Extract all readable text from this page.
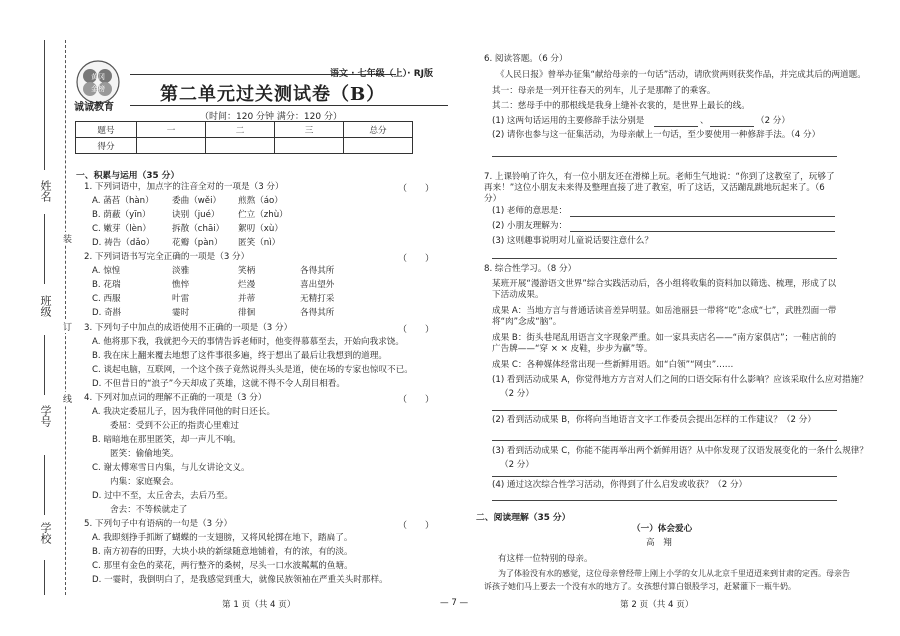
姓名
班级
学号
学校
装
订
线
黄冈
金榜
诚诚教育
语文 · 七年级（上）· RJ版
第二单元过关测试卷（B）
（时间：120 分钟 满分：120 分）
题号	一	二	三	总分
得分				
一、积累与运用（35 分）
1. 下列词语中，加点字的注音全对的一项是（3 分）	（　　）
A. 菡萏（hàn） 委曲（wěi） 煎熬（áo）
B. 荫蔽（yīn） 诀别（jué） 伫立（zhù）
C. 嫩芽（lèn） 拆散（chāi） 絮叨（xù）
D. 祷告（dǎo） 花瓣（pàn） 匿笑（nì）
2. 下列词语书写完全正确的一项是（3 分）	（　　）
A. 惊惶	淡雅	笑柄	各得其所
B. 花瑞	憔悴	烂漫	喜出望外
C. 西服	叶雷	并蒂	无精打采
D. 奇斟	霎时	徘徊	各得其所
3. 下列句子中加点的成语使用不正确的一项是（3 分）	（　　）
A. 他将那下我，我就把今天的事情告诉老师时，他变得慕慕至去，开始向我求饶。
B. 我在床上翻来覆去地想了这件事很多遍，终于想出了最后让我想到的道理。
C. 谈起电脑，互联网，一个这个孩子竟然说得头头是道，使在场的专家也惊叹不已。
D. 不但昔日的“浪子”今天却成了英雄，这就不得不令人刮目相看。
4. 下列对加点词的理解不正确的一项是（3 分）	（　　）
A. 我决定委屈儿子，因为我伴同他的时日还长。
委屈：受到不公正的指责心里难过
B. 暗暗地在那里匿笑，却一声儿不响。
匿笑：偷偷地笑。
C. 谢太傅寒雪日内集，与儿女讲论文义。
内集：家庭聚会。
D. 过中不至，太丘舍去，去后乃至。
舍去：不等候就走了
5. 下列句子中有语病的一句是（3 分）	（　　）
A. 我即刻挣手抓断了蝴蝶的一支翅膀，又将风轮掷在地下，踏扁了。
B. 南方初春的田野，大块小块的新绿随意地铺着，有的浓，有的淡。
C. 那里有金色的菜花，两行整齐的桑树，尽头一口水波粼粼的鱼塘。
D. 一霎时，我倒明白了，是我感觉到重大，就像民族领袖在严重关头时那样。
第 1 页（共 4 页）	— 7 —
6. 阅读答题。（6 分）
《人民日报》曾举办征集“献给母亲的一句话”活动，请欣赏两则获奖作品，并完成其后的两道题。
其一：母亲是一列开往春天的列车，儿子是那醉了的乘客。
其二：慈母手中的那根线是我身上缝补衣裳的，是世界上最长的线。
(1) 这两句话运用的主要修辞手法分别是	、	（2 分）
(2) 请你也参与这一征集活动，为母亲献上一句话，至少要使用一种修辞手法。（4 分）
7. 上课铃响了许久，有一位小朋友还在滑梯上玩。老师生气地说：“你到了这教室了，玩够了再来！”这位小朋友未来得及整理直接了进了教室，听了这话，又活蹦乱跳地玩起来了。（6 分）
(1) 老师的意思是：
(2) 小朋友理解为：
(3) 这则趣事说明对儿童说话要注意什么？
8. 综合性学习。（8 分）
某班开展“漫游语文世界”综合实践活动后，各小组将收集的资料加以筛选、梳理，形成了以下活动成果。
成果 A：当地方言与普通话读音差异明显。如岳池丽县一带将“吃”念成“七”，武胜烈面一带将“肉”念成“脑”。
成果 B：街头巷尾乱用语言文字现象严重。如一家具卖店名——“南方家俱店”；一鞋店前的广告牌——“穿 × × 皮鞋，步步为赢”等。
成果 C：各种媒体经常出现一些新鲜用语。如“白领”“网虫”……
(1) 看到活动成果 A，你觉得地方方言对人们之间的口语交际有什么影响？应该采取什么应对措施？
（2 分）
(2) 看到活动成果 B，你将向当地语言文字工作委员会提出怎样的工作建议？（2 分）
(3) 看到活动成果 C，你能不能再举出两个新鲜用语？从中你发现了汉语发展变化的一条什么规律？
（2 分）
(4) 通过这次综合性学习活动，你得到了什么启发或收获？（2 分）
二、阅读理解（35 分）
（一）体会爱心
高　翔
有这样一位特别的母亲。
为了体验没有水的感觉，这位母亲曾经带上刚上小学的女儿从北京千里迢迢来到甘肃的定西。母亲告
诉孩子她们马上要去一个没有水的地方了。女孩想付算白银股学习，赶紧灌下一瓶牛奶。
第 2 页（共 4 页）
